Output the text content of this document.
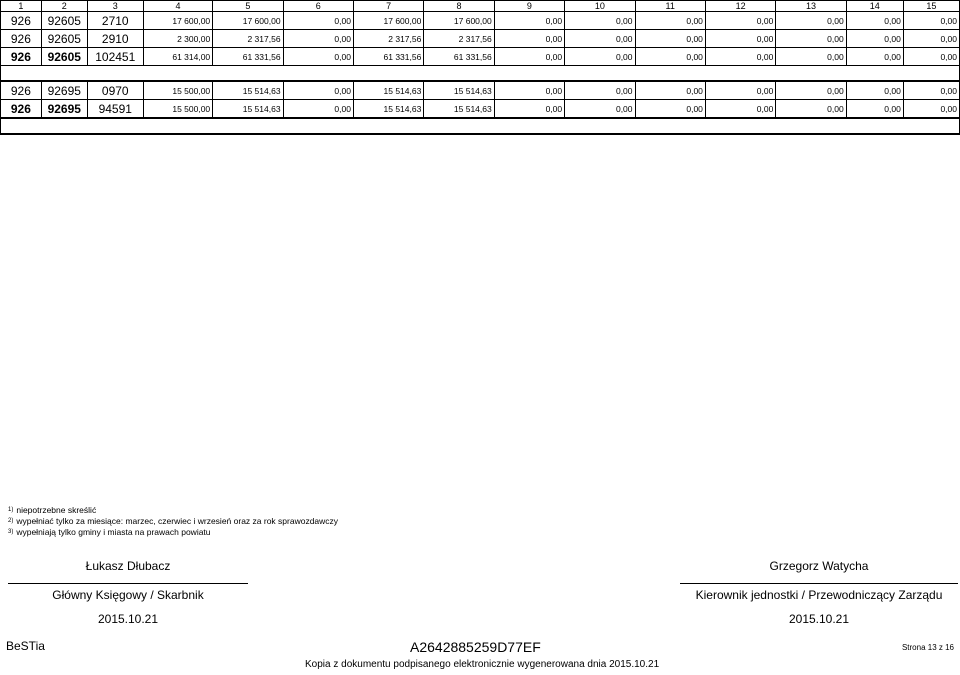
1	2	3	4	5	6	7	8	9	10	11	12	13	14	15
926	92605	2710	17 600,00	17 600,00	0,00	17 600,00	17 600,00	0,00	0,00	0,00	0,00	0,00	0,00	0,00
926	92605	2910	2 300,00	2 317,56	0,00	2 317,56	2 317,56	0,00	0,00	0,00	0,00	0,00	0,00	0,00
926	92605	102451	61 314,00	61 331,56	0,00	61 331,56	61 331,56	0,00	0,00	0,00	0,00	0,00	0,00	0,00

926	92695	0970	15 500,00	15 514,63	0,00	15 514,63	15 514,63	0,00	0,00	0,00	0,00	0,00	0,00	0,00
926	92695	94591	15 500,00	15 514,63	0,00	15 514,63	15 514,63	0,00	0,00	0,00	0,00	0,00	0,00	0,00

$^{1)}$ niepotrzebne skreślić
$^{2)}$ wypełniać tylko za miesiące: marzec, czerwiec i wrzesień oraz za rok sprawozdawczy
$^{3)}$ wypełniają tylko gminy i miasta na prawach powiatu
Łukasz Dłubacz
Główny Księgowy / Skarbnik
2015.10.21
Grzegorz Watycha
Kierownik jednostki / Przewodniczący Zarządu
2015.10.21
BeSTia	A2642885259D77EF	Strona 13 z 16
Kopia z dokumentu podpisanego elektronicznie wygenerowana dnia 2015.10.21
